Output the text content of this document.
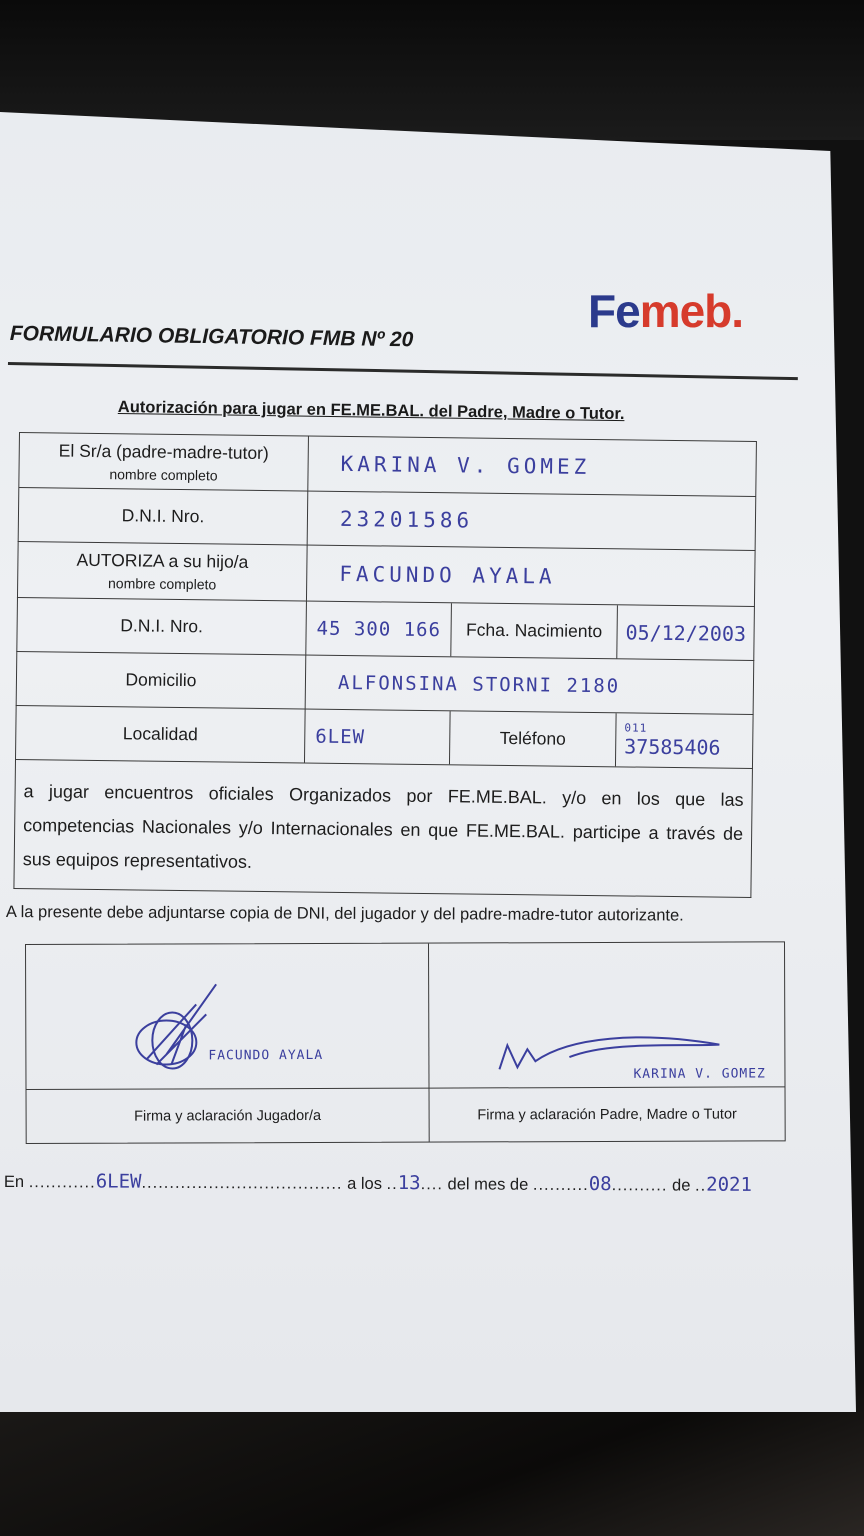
Femeb.
FORMULARIO OBLIGATORIO FMB Nº 20
Autorización para jugar en FE.ME.BAL. del Padre, Madre o Tutor.
El Sr/a (padre-madre-tutor)
nombre completo	KARINA V. GOMEZ
D.N.I. Nro.	23201586
AUTORIZA a su hijo/a
nombre completo	FACUNDO AYALA
D.N.I. Nro.	45 300 166	Fcha. Nacimiento	05/12/2003
Domicilio	ALFONSINA STORNI 2180
Localidad	6LEW	Teléfono	011
37585406
a jugar encuentros oficiales Organizados por FE.ME.BAL. y/o en los que las competencias Nacionales y/o Internacionales en que FE.ME.BAL. participe a través de sus equipos representativos.
A la presente debe adjuntarse copia de DNI, del jugador y del padre-madre-tutor autorizante.
FACUNDO AYALA
Firma y aclaración Jugador/a
KARINA V. GOMEZ
Firma y aclaración Padre, Madre o Tutor
En ............6LEW.................................... a los ..13.... del mes de ..........08.......... de ..2021
